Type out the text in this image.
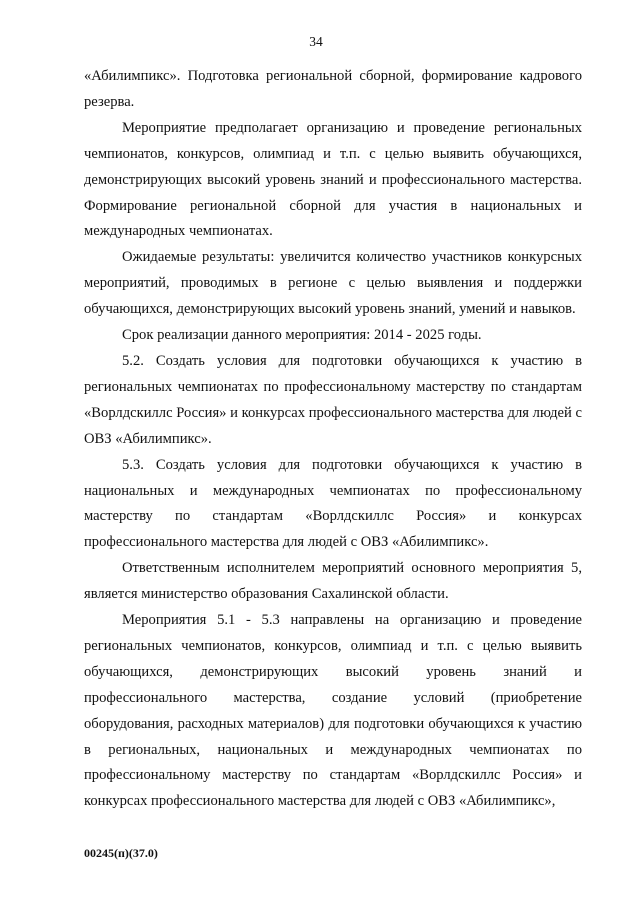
34

«Абилимпикс». Подготовка региональной сборной, формирование кадрового резерва.

Мероприятие предполагает организацию и проведение региональных чемпионатов, конкурсов, олимпиад и т.п. с целью выявить обучающихся, демонстрирующих высокий уровень знаний и профессионального мастерства. Формирование региональной сборной для участия в национальных и международных чемпионатах.

Ожидаемые результаты: увеличится количество участников конкурсных мероприятий, проводимых в регионе с целью выявления и поддержки обучающихся, демонстрирующих высокий уровень знаний, умений и навыков.

Срок реализации данного мероприятия: 2014 - 2025 годы.

5.2. Создать условия для подготовки обучающихся к участию в региональных чемпионатах по профессиональному мастерству по стандартам «Ворлдскиллс Россия» и конкурсах профессионального мастерства для людей с ОВЗ «Абилимпикс».

5.3. Создать условия для подготовки обучающихся к участию в национальных и международных чемпионатах по профессиональному мастерству по стандартам «Ворлдскиллс Россия» и конкурсах профессионального мастерства для людей с ОВЗ «Абилимпикс».

Ответственным исполнителем мероприятий основного мероприятия 5, является министерство образования Сахалинской области.

Мероприятия 5.1 - 5.3 направлены на организацию и проведение региональных чемпионатов, конкурсов, олимпиад и т.п. с целью выявить обучающихся, демонстрирующих высокий уровень знаний и профессионального мастерства, создание условий (приобретение оборудования, расходных материалов) для подготовки обучающихся к участию в региональных, национальных и международных чемпионатах по профессиональному мастерству по стандартам «Ворлдскиллс Россия» и конкурсах профессионального мастерства для людей с ОВЗ «Абилимпикс»,

00245(п)(37.0)
